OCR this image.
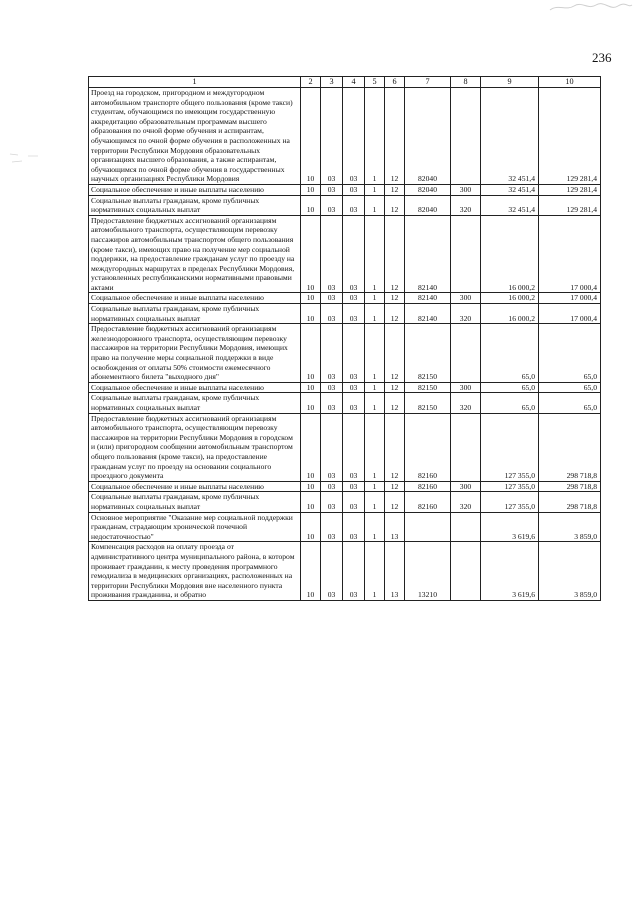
236
1	2	3	4	5	6	7	8	9	10
Проезд на городском, пригородном и междугородном автомобильном транспорте общего пользования (кроме такси) студентам, обучающимся по имеющим государственную аккредитацию образовательным программам высшего образования по очной форме обучения и аспирантам, обучающимся по очной форме обучения в расположенных на территории Республики Мордовия образовательных организациях высшего образования, а также аспирантам, обучающимся по очной форме обучения в государственных научных организациях Республики Мордовия	10	03	03	1	12	82040		32 451,4	129 281,4
Социальное обеспечение и иные выплаты населению	10	03	03	1	12	82040	300	32 451,4	129 281,4
Социальные выплаты гражданам, кроме публичных нормативных социальных выплат	10	03	03	1	12	82040	320	32 451,4	129 281,4
Предоставление бюджетных ассигнований организациям автомобильного транспорта, осуществляющим перевозку пассажиров автомобильным транспортом общего пользования (кроме такси), имеющих право на получение мер социальной поддержки, на предоставление гражданам услуг по проезду на междугородных маршрутах в пределах Республики Мордовия, установленных республиканскими нормативными правовыми актами	10	03	03	1	12	82140		16 000,2	17 000,4
Социальное обеспечение и иные выплаты населению	10	03	03	1	12	82140	300	16 000,2	17 000,4
Социальные выплаты гражданам, кроме публичных нормативных социальных выплат	10	03	03	1	12	82140	320	16 000,2	17 000,4
Предоставление бюджетных ассигнований организациям железнодорожного транспорта, осуществляющим перевозку пассажиров на территории Республики Мордовия, имеющих право на получение меры социальной поддержки в виде освобождения от оплаты 50% стоимости ежемесячного абонементного билета "выходного дня"	10	03	03	1	12	82150		65,0	65,0
Социальное обеспечение и иные выплаты населению	10	03	03	1	12	82150	300	65,0	65,0
Социальные выплаты гражданам, кроме публичных нормативных социальных выплат	10	03	03	1	12	82150	320	65,0	65,0
Предоставление бюджетных ассигнований организациям автомобильного транспорта, осуществляющим перевозку пассажиров на территории Республики Мордовия в городском и (или) пригородном сообщении автомобильным транспортом общего пользования (кроме такси), на предоставление гражданам услуг по проезду на основании социального проездного документа	10	03	03	1	12	82160		127 355,0	298 718,8
Социальное обеспечение и иные выплаты населению	10	03	03	1	12	82160	300	127 355,0	298 718,8
Социальные выплаты гражданам, кроме публичных нормативных социальных выплат	10	03	03	1	12	82160	320	127 355,0	298 718,8
Основное мероприятие "Оказание мер социальной поддержки гражданам, страдающим хронической почечной недостаточностью"	10	03	03	1	13			3 619,6	3 859,0
Компенсация расходов на оплату проезда от административного центра муниципального района, в котором проживает гражданин, к месту проведения программного гемодиализа в медицинских организациях, расположенных на территории Республики Мордовия вне населенного пункта проживания гражданина, и обратно	10	03	03	1	13	13210		3 619,6	3 859,0
